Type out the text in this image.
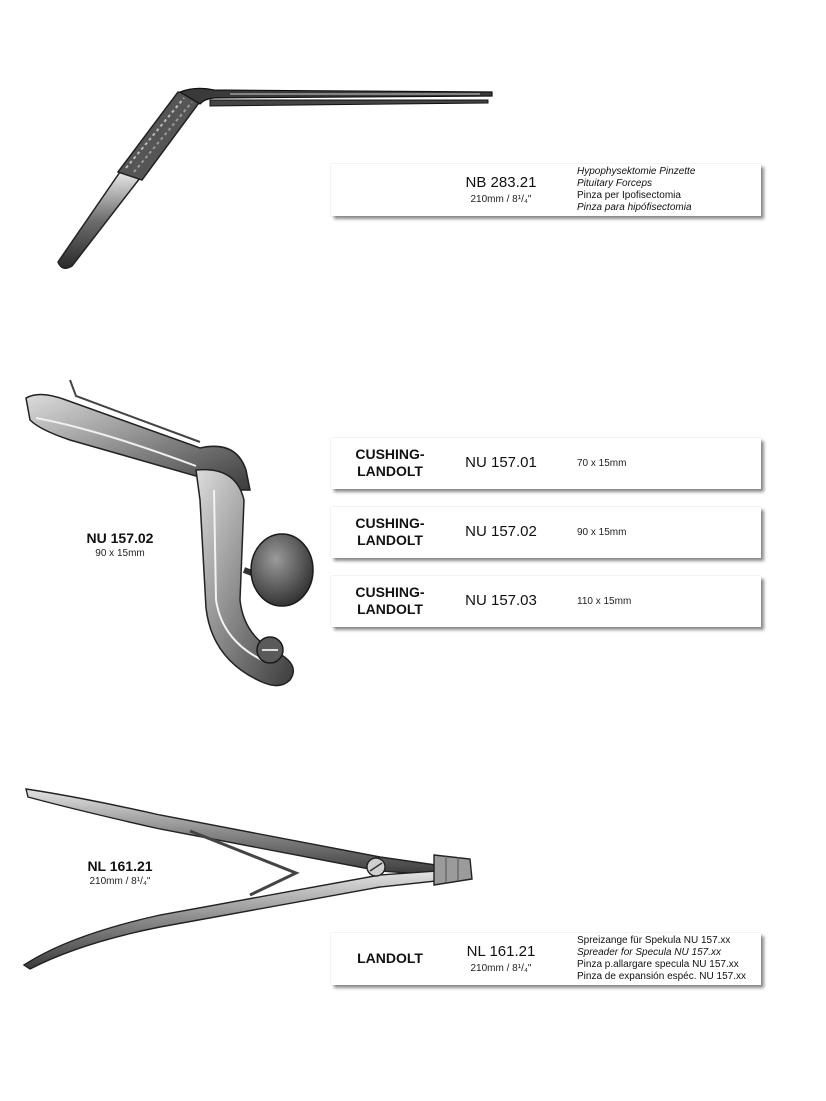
NB 283.21
210mm / 8¹/₄"
Hypophysektomie Pinzette
Pituitary Forceps
Pinza per Ipofisectomia
Pinza para hipófisectomia
NU 157.02
90 x 15mm
CUSHING-
LANDOLT	NU 157.01	70 x 15mm
CUSHING-
LANDOLT	NU 157.02	90 x 15mm
CUSHING-
LANDOLT	NU 157.03	110 x 15mm
NL 161.21
210mm / 8¹/₄"
LANDOLT	NL 161.21
210mm / 8¹/₄"
Spreizange für Spekula NU 157.xx
Spreader for Specula NU 157.xx
Pinza p.allargare specula NU 157.xx
Pinza de expansión espéc. NU 157.xx
